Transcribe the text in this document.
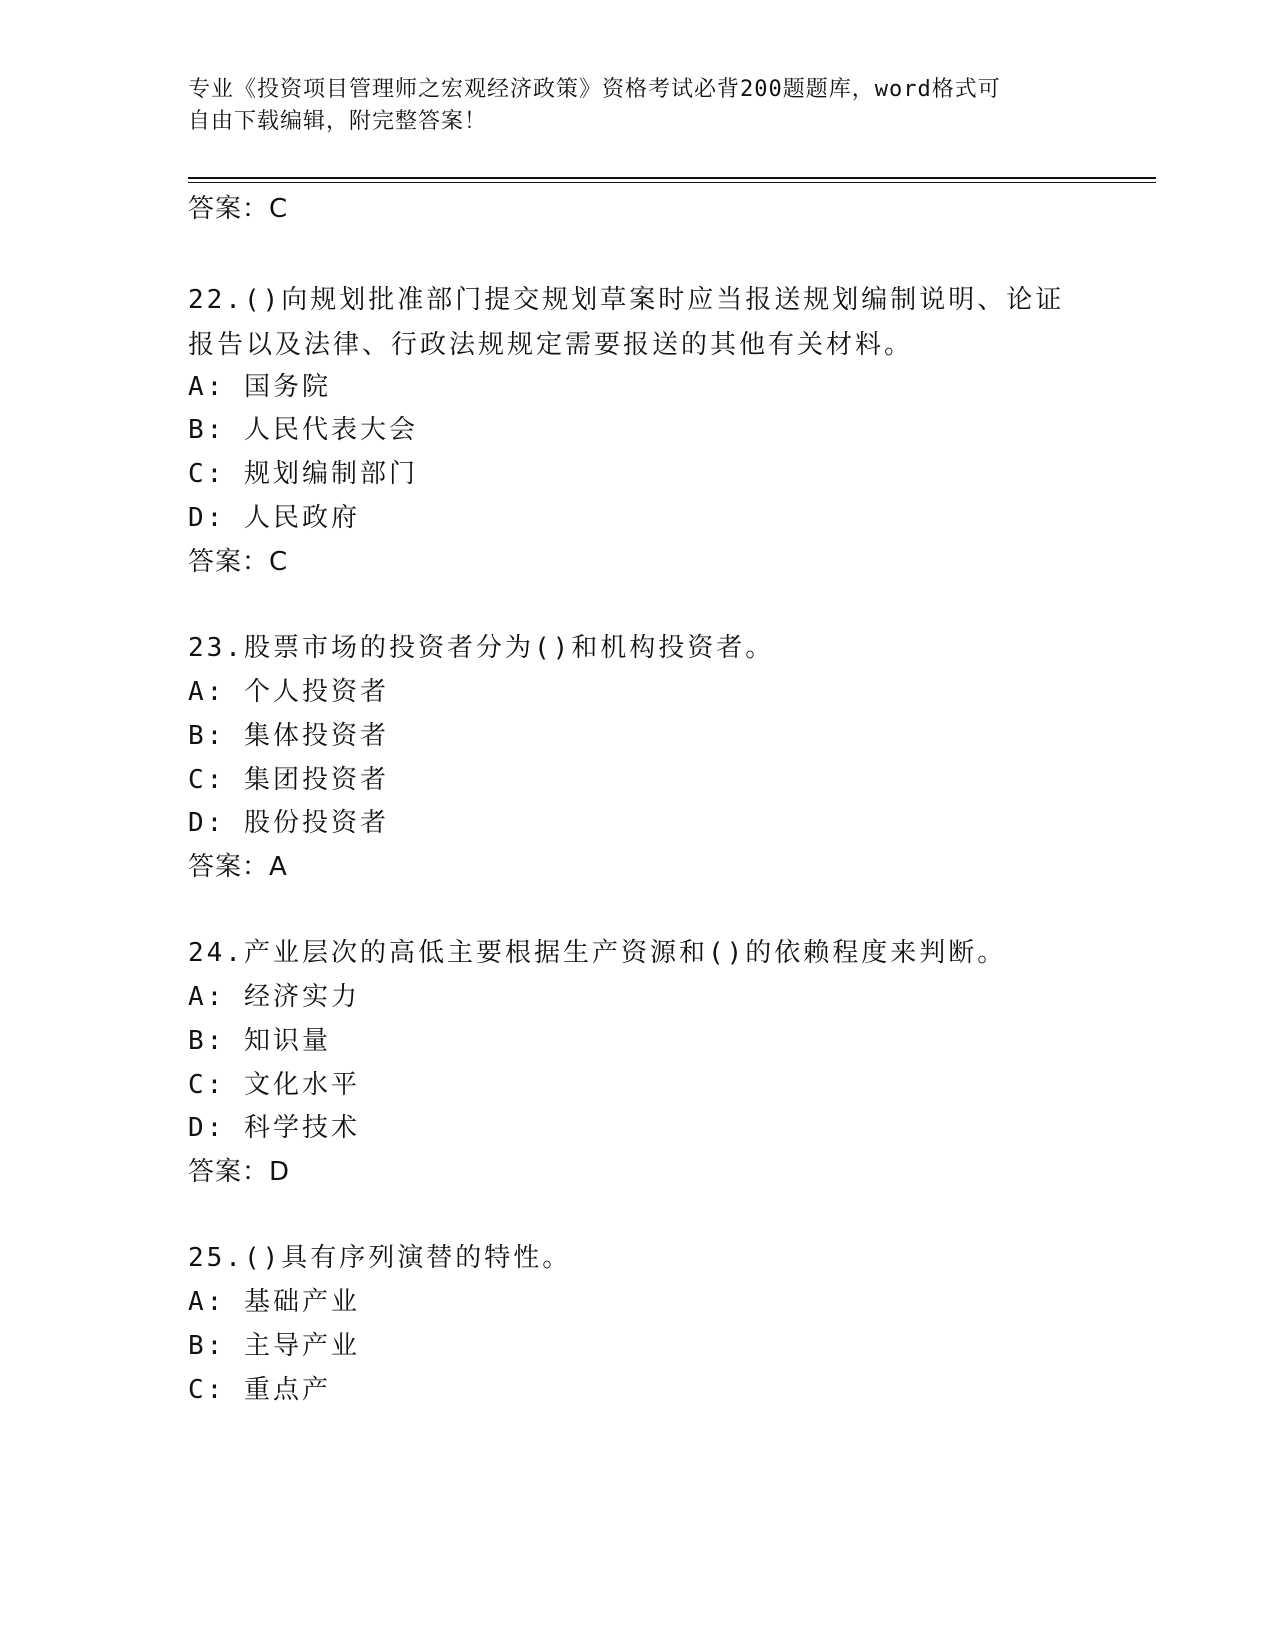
专业《投资项目管理师之宏观经济政策》资格考试必背200题题库，word格式可
自由下载编辑，附完整答案！
答案：C
22.()向规划批准部门提交规划草案时应当报送规划编制说明、论证报告以及法律、行政法规规定需要报送的其他有关材料。
A: 国务院
B: 人民代表大会
C: 规划编制部门
D: 人民政府
答案：C
23.股票市场的投资者分为()和机构投资者。
A: 个人投资者
B: 集体投资者
C: 集团投资者
D: 股份投资者
答案：A
24.产业层次的高低主要根据生产资源和()的依赖程度来判断。
A: 经济实力
B: 知识量
C: 文化水平
D: 科学技术
答案：D
25.()具有序列演替的特性。
A: 基础产业
B: 主导产业
C: 重点产
